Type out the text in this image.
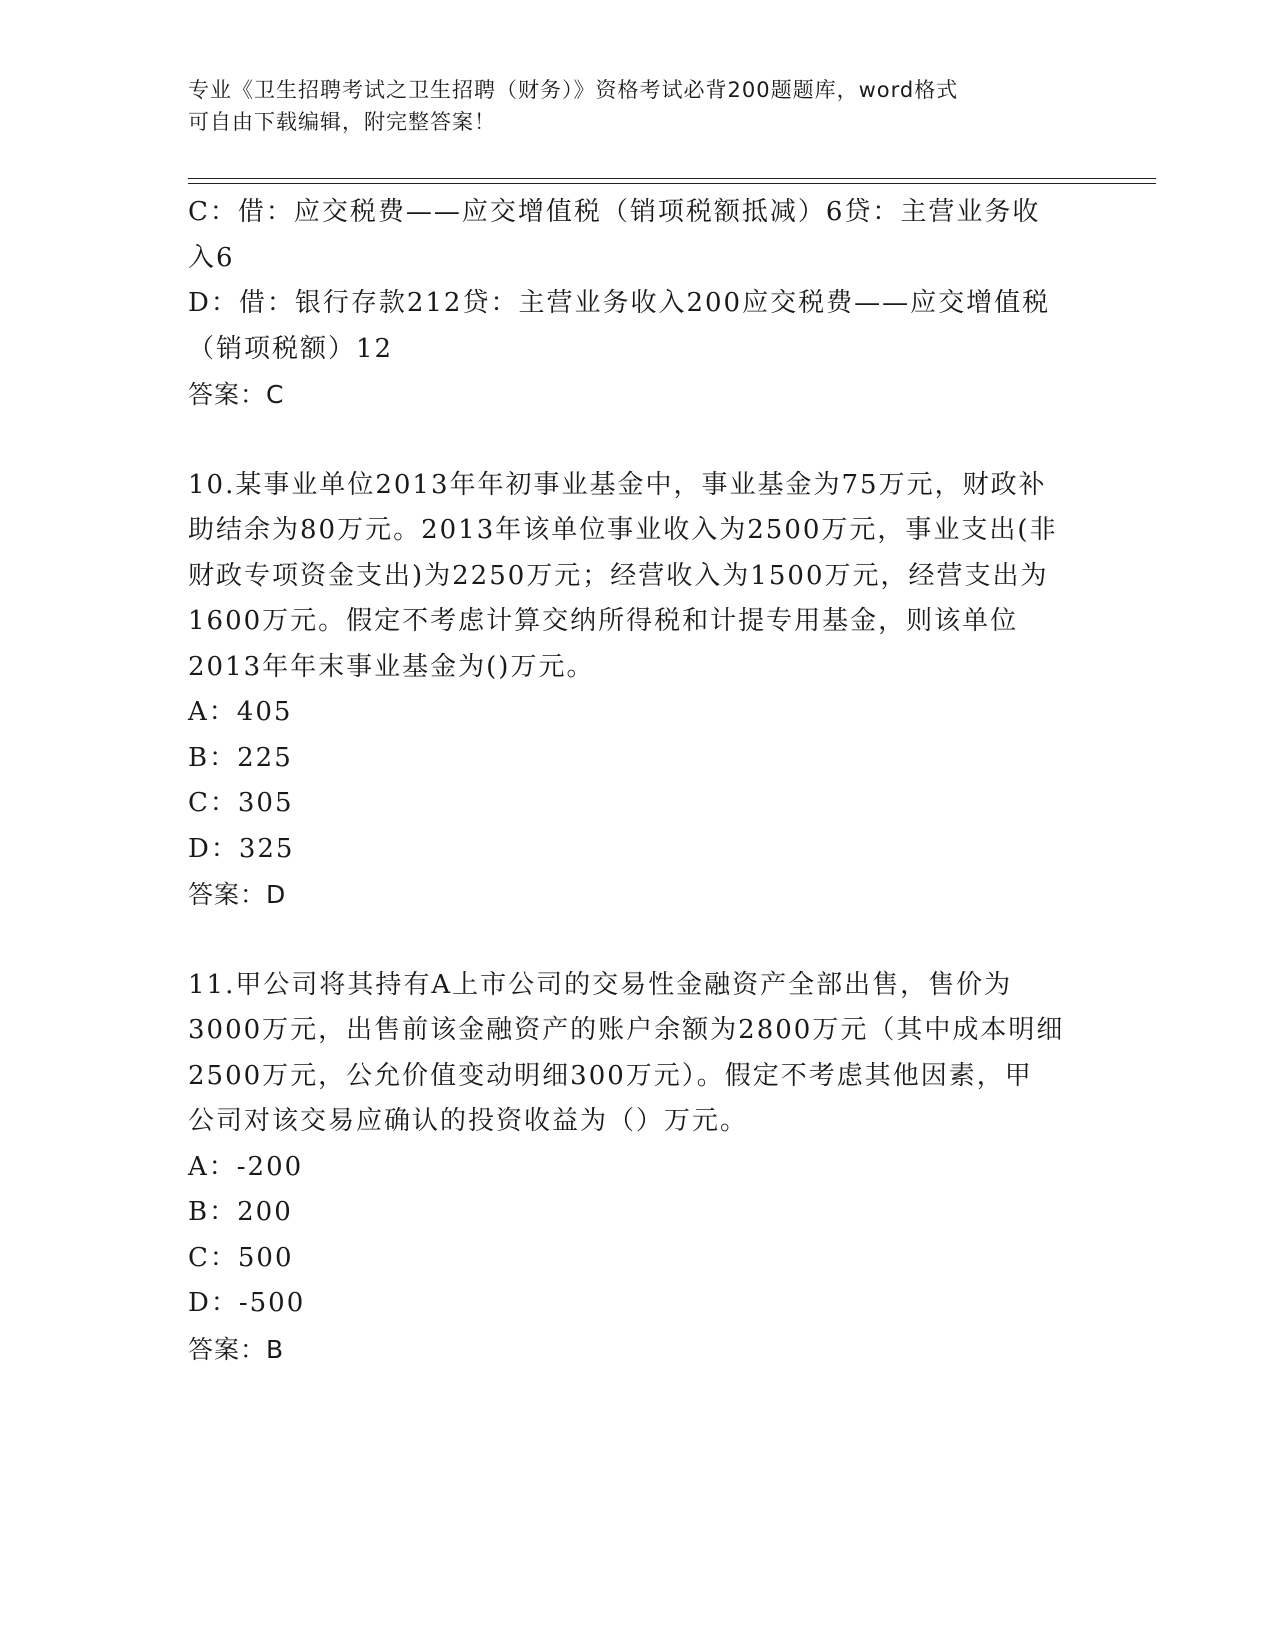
专业《卫生招聘考试之卫生招聘（财务）》资格考试必背200题题库，word格式
可自由下载编辑，附完整答案！
C：借：应交税费——应交增值税（销项税额抵减）6贷：主营业务收
入6
D：借：银行存款212贷：主营业务收入200应交税费——应交增值税
（销项税额）12
答案：C
10.某事业单位2013年年初事业基金中，事业基金为75万元，财政补
助结余为80万元。2013年该单位事业收入为2500万元，事业支出(非
财政专项资金支出)为2250万元；经营收入为1500万元，经营支出为
1600万元。假定不考虑计算交纳所得税和计提专用基金，则该单位
2013年年末事业基金为()万元。
A：405
B：225
C：305
D：325
答案：D
11.甲公司将其持有A上市公司的交易性金融资产全部出售，售价为
3000万元，出售前该金融资产的账户余额为2800万元（其中成本明细
2500万元，公允价值变动明细300万元）。假定不考虑其他因素，甲
公司对该交易应确认的投资收益为（）万元。
A：-200
B：200
C：500
D：-500
答案：B
